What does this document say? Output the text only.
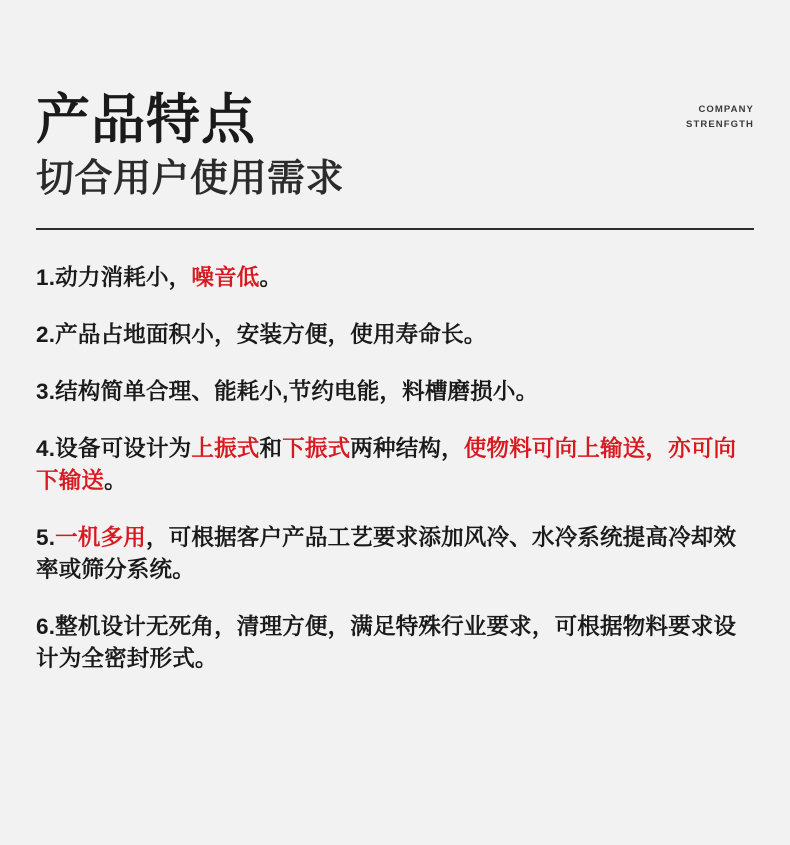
COMPANY
STRENFGTH
产品特点
切合用户使用需求

1.动力消耗小，噪音低。

2.产品占地面积小，安装方便，使用寿命长。

3.结构简单合理、能耗小,节约电能，料槽磨损小。

4.设备可设计为上振式和下振式两种结构，使物料可向上输送，亦可向下输送。

5.一机多用，可根据客户产品工艺要求添加风冷、水冷系统提高冷却效率或筛分系统。

6.整机设计无死角，清理方便，满足特殊行业要求，可根据物料要求设计为全密封形式。
